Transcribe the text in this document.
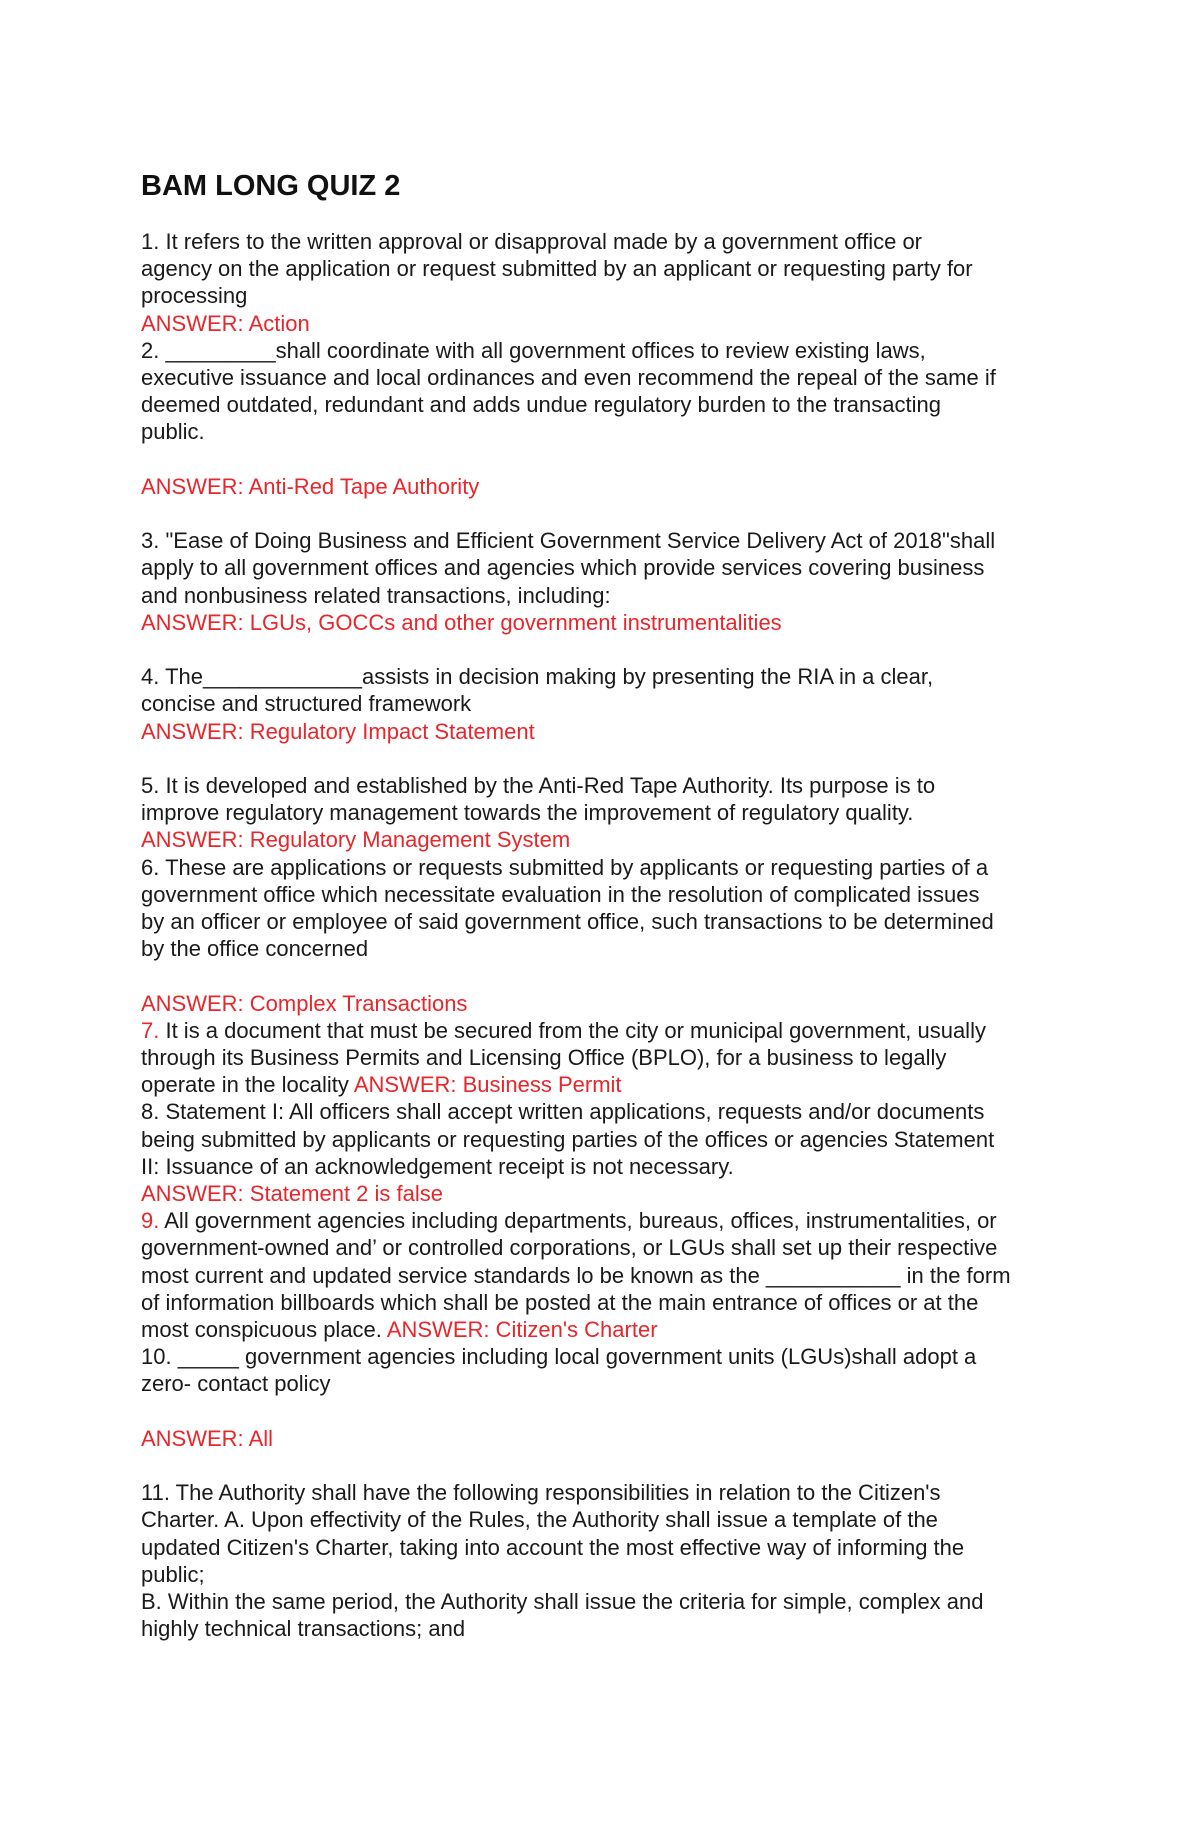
BAM LONG QUIZ 2
1. It refers to the written approval or disapproval made by a government office or
agency on the application or request submitted by an applicant or requesting party for
processing
ANSWER: Action
2. _________shall coordinate with all government offices to review existing laws,
executive issuance and local ordinances and even recommend the repeal of the same if
deemed outdated, redundant and adds undue regulatory burden to the transacting
public.
ANSWER: Anti-Red Tape Authority
3. "Ease of Doing Business and Efficient Government Service Delivery Act of 2018"shall
apply to all government offices and agencies which provide services covering business
and nonbusiness related transactions, including:
ANSWER: LGUs, GOCCs and other government instrumentalities
4. The_____________assists in decision making by presenting the RIA in a clear,
concise and structured framework
ANSWER: Regulatory Impact Statement
5. It is developed and established by the Anti-Red Tape Authority. Its purpose is to
improve regulatory management towards the improvement of regulatory quality.
ANSWER: Regulatory Management System
6. These are applications or requests submitted by applicants or requesting parties of a
government office which necessitate evaluation in the resolution of complicated issues
by an officer or employee of said government office, such transactions to be determined
by the office concerned
ANSWER: Complex Transactions
7. It is a document that must be secured from the city or municipal government, usually
through its Business Permits and Licensing Office (BPLO), for a business to legally
operate in the locality ANSWER: Business Permit
8. Statement I: All officers shall accept written applications, requests and/or documents
being submitted by applicants or requesting parties of the offices or agencies Statement
II: Issuance of an acknowledgement receipt is not necessary.
ANSWER: Statement 2 is false
9. All government agencies including departments, bureaus, offices, instrumentalities, or
government-owned and’ or controlled corporations, or LGUs shall set up their respective
most current and updated service standards lo be known as the ___________ in the form
of information billboards which shall be posted at the main entrance of offices or at the
most conspicuous place. ANSWER: Citizen's Charter
10. _____ government agencies including local government units (LGUs)shall adopt a
zero- contact policy
ANSWER: All
11. The Authority shall have the following responsibilities in relation to the Citizen's
Charter. A. Upon effectivity of the Rules, the Authority shall issue a template of the
updated Citizen's Charter, taking into account the most effective way of informing the
public;
B. Within the same period, the Authority shall issue the criteria for simple, complex and
highly technical transactions; and
